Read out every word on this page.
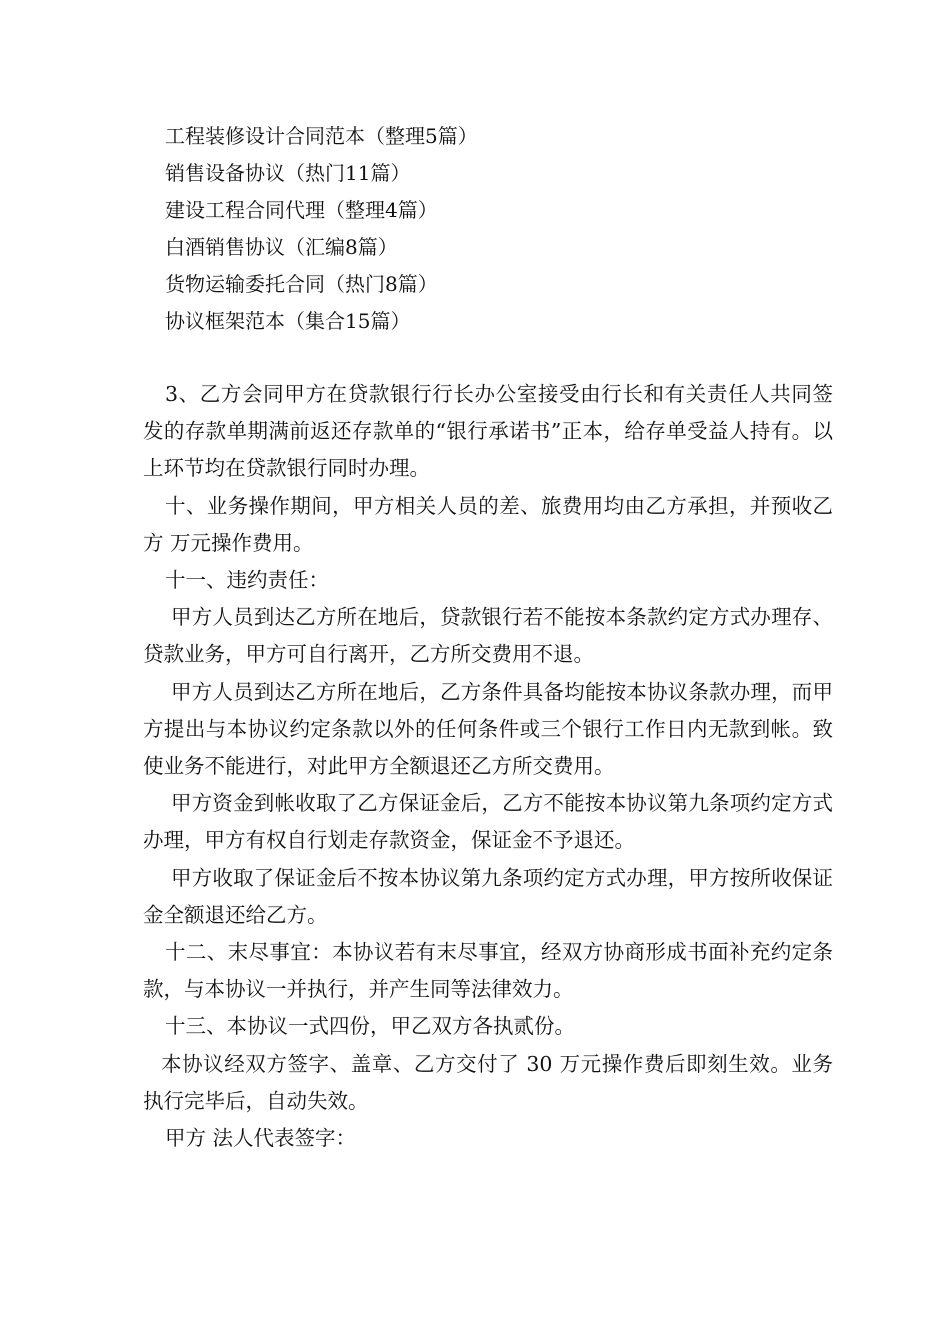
工程装修设计合同范本（整理5篇）
销售设备协议（热门11篇）
建设工程合同代理（整理4篇）
白酒销售协议（汇编8篇）
货物运输委托合同（热门8篇）
协议框架范本（集合15篇）

3、乙方会同甲方在贷款银行行长办公室接受由行长和有关责任人共同签发的存款单期满前返还存款单的“银行承诺书”正本，给存单受益人持有。以上环节均在贷款银行同时办理。

十、业务操作期间，甲方相关人员的差、旅费用均由乙方承担，并预收乙方 万元操作费用。

十一、违约责任：

甲方人员到达乙方所在地后，贷款银行若不能按本条款约定方式办理存、贷款业务，甲方可自行离开，乙方所交费用不退。

甲方人员到达乙方所在地后，乙方条件具备均能按本协议条款办理，而甲方提出与本协议约定条款以外的任何条件或三个银行工作日内无款到帐。致使业务不能进行，对此甲方全额退还乙方所交费用。

甲方资金到帐收取了乙方保证金后，乙方不能按本协议第九条项约定方式办理，甲方有权自行划走存款资金，保证金不予退还。

甲方收取了保证金后不按本协议第九条项约定方式办理，甲方按所收保证金全额退还给乙方。

十二、末尽事宜：本协议若有末尽事宜，经双方协商形成书面补充约定条款，与本协议一并执行，并产生同等法律效力。

十三、本协议一式四份，甲乙双方各执贰份。

本协议经双方签字、盖章、乙方交付了 30 万元操作费后即刻生效。业务执行完毕后，自动失效。

甲方 法人代表签字：
